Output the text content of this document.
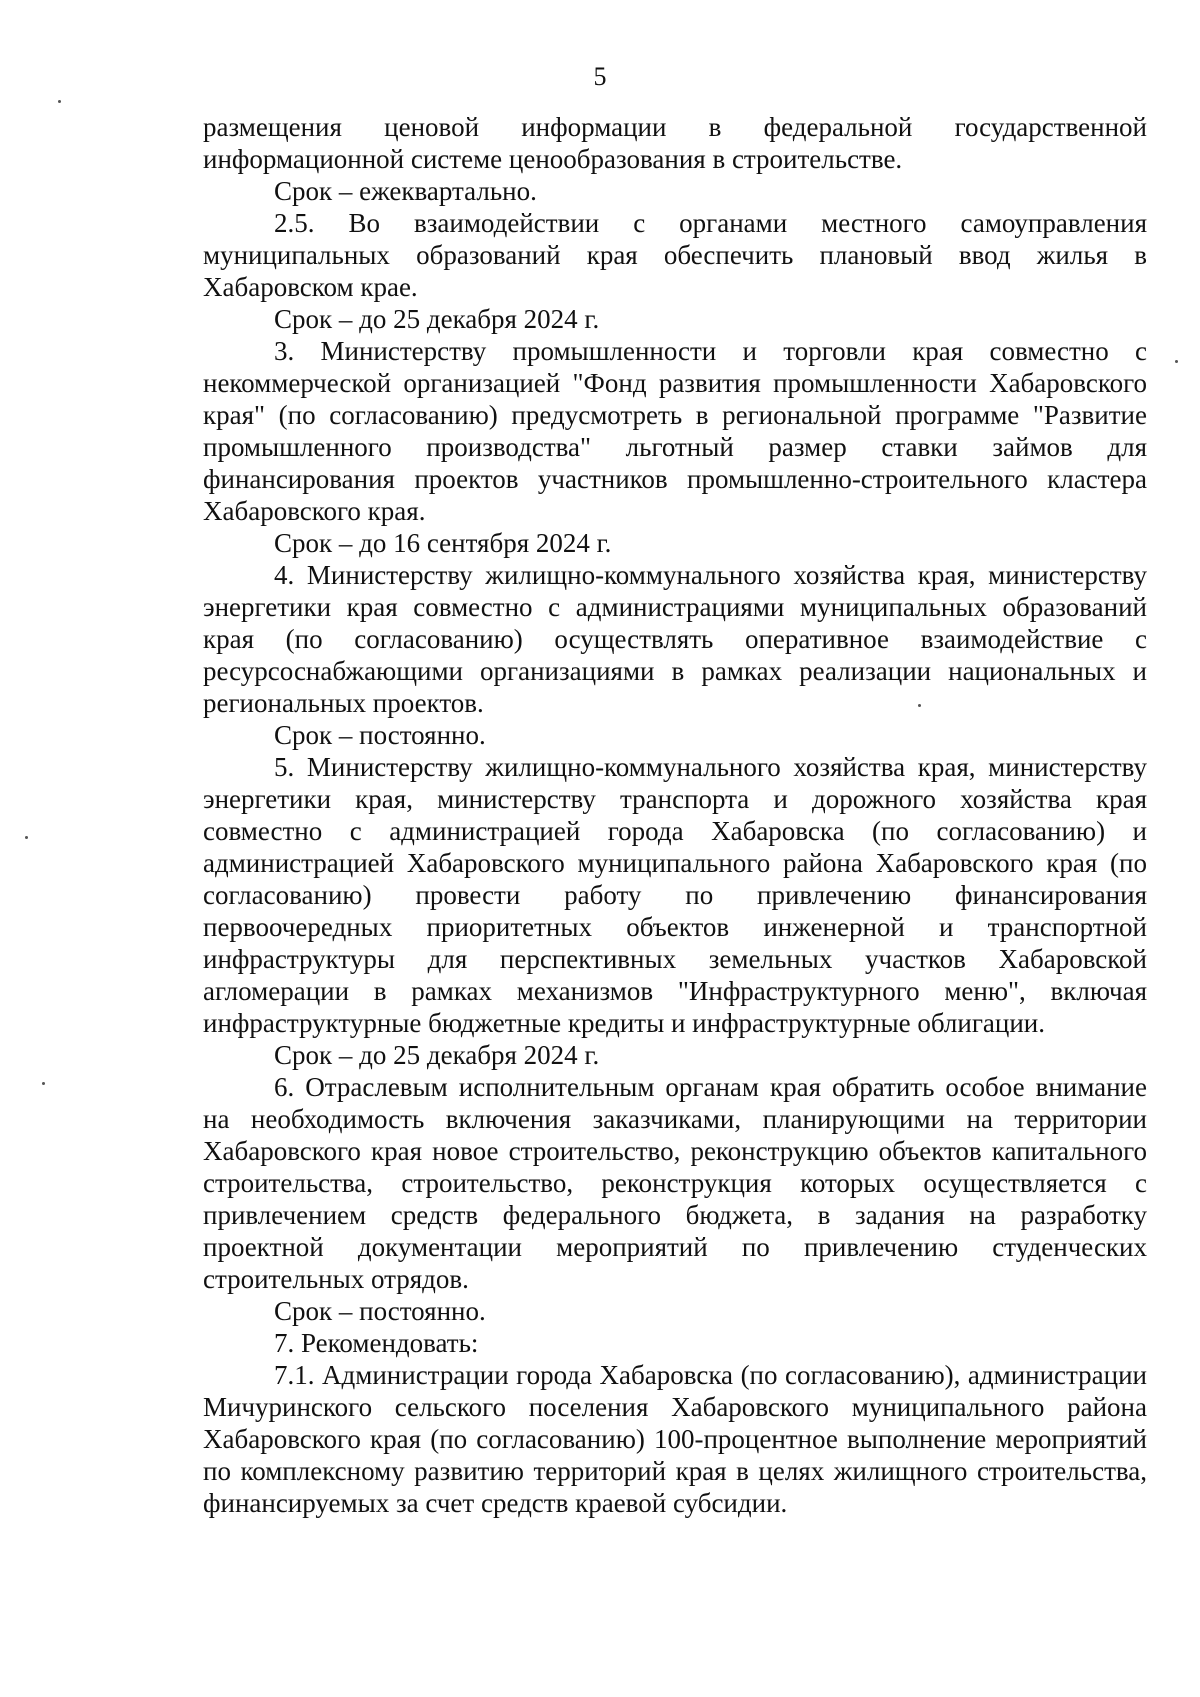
5

размещения ценовой информации в федеральной государственной информационной системе ценообразования в строительстве.

Срок – ежеквартально.

2.5. Во взаимодействии с органами местного самоуправления муниципальных образований края обеспечить плановый ввод жилья в Хабаровском крае.

Срок – до 25 декабря 2024 г.

3. Министерству промышленности и торговли края совместно с некоммерческой организацией "Фонд развития промышленности Хабаровского края" (по согласованию) предусмотреть в региональной программе "Развитие промышленного производства" льготный размер ставки займов для финансирования проектов участников промышленно-строительного кластера Хабаровского края.

Срок – до 16 сентября 2024 г.

4. Министерству жилищно-коммунального хозяйства края, министерству энергетики края совместно с администрациями муниципальных образований края (по согласованию) осуществлять оперативное взаимодействие с ресурсоснабжающими организациями в рамках реализации национальных и региональных проектов.

Срок – постоянно.

5. Министерству жилищно-коммунального хозяйства края, министерству энергетики края, министерству транспорта и дорожного хозяйства края совместно с администрацией города Хабаровска (по согласованию) и администрацией Хабаровского муниципального района Хабаровского края (по согласованию) провести работу по привлечению финансирования первоочередных приоритетных объектов инженерной и транспортной инфраструктуры для перспективных земельных участков Хабаровской агломерации в рамках механизмов "Инфраструктурного меню", включая инфраструктурные бюджетные кредиты и инфраструктурные облигации.

Срок – до 25 декабря 2024 г.

6. Отраслевым исполнительным органам края обратить особое внимание на необходимость включения заказчиками, планирующими на территории Хабаровского края новое строительство, реконструкцию объектов капитального строительства, строительство, реконструкция которых осуществляется с привлечением средств федерального бюджета, в задания на разработку проектной документации мероприятий по привлечению студенческих строительных отрядов.

Срок – постоянно.

7. Рекомендовать:

7.1. Администрации города Хабаровска (по согласованию), администрации Мичуринского сельского поселения Хабаровского муниципального района Хабаровского края (по согласованию) 100-процентное выполнение мероприятий по комплексному развитию территорий края в целях жилищного строительства, финансируемых за счет средств краевой субсидии.
